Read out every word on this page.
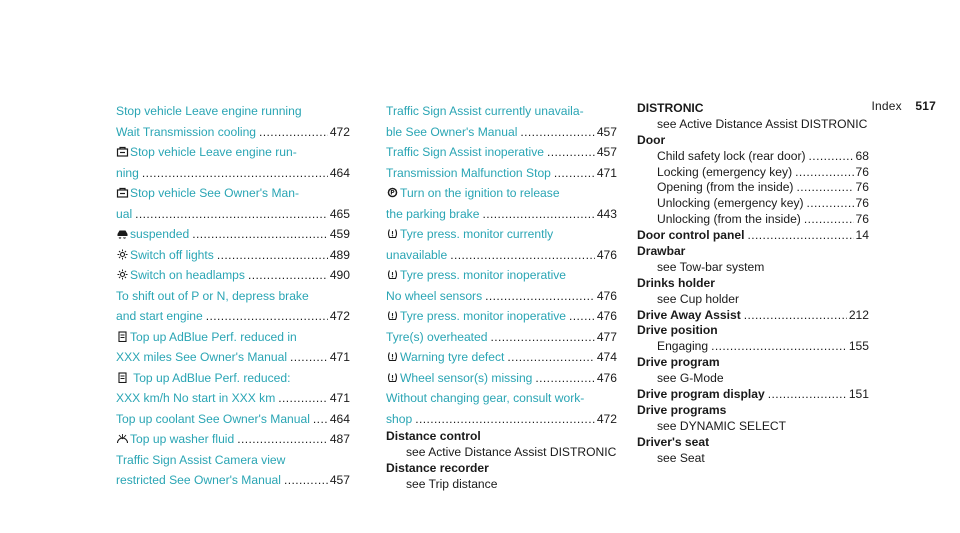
Index 517
Stop vehicle Leave engine running
Wait Transmission cooling .....	472
Stop vehicle Leave engine run-
ning .....	464
Stop vehicle See Owner's Man-
ual .....	465
suspended .....	459
Switch off lights .....	489
Switch on headlamps .....	490
To shift out of P or N, depress brake
and start engine .....	472
Top up AdBlue Perf. reduced in
XXX miles See Owner's Manual .....	471
Top up AdBlue Perf. reduced:
XXX km/h No start in XXX km .....	471
Top up coolant See Owner's Manual ..... 464
Top up washer fluid .....	487
Traffic Sign Assist Camera view
restricted See Owner's Manual .....	457
Traffic Sign Assist currently unavaila-
ble See Owner's Manual .....	457
Traffic Sign Assist inoperative .....	457
Transmission Malfunction Stop .....	471
P Turn on the ignition to release
the parking brake .....	443
Tyre press. monitor currently
unavailable .....	476
Tyre press. monitor inoperative
No wheel sensors .....	476
Tyre press. monitor inoperative .....	476
Tyre(s) overheated .....	477
Warning tyre defect .....	474
Wheel sensor(s) missing .....	476
Without changing gear, consult work-
shop .....	472
Distance control
see Active Distance Assist DISTRONIC
Distance recorder
see Trip distance
DISTRONIC
see Active Distance Assist DISTRONIC
Door
Child safety lock (rear door) .....	68
Locking (emergency key) .....	76
Opening (from the inside) .....	76
Unlocking (emergency key) .....	76
Unlocking (from the inside) .....	76
Door control panel .....	14
Drawbar
see Tow-bar system
Drinks holder
see Cup holder
Drive Away Assist .....	212
Drive position
Engaging .....	155
Drive program
see G-Mode
Drive program display .....	151
Drive programs
see DYNAMIC SELECT
Driver's seat
see Seat
